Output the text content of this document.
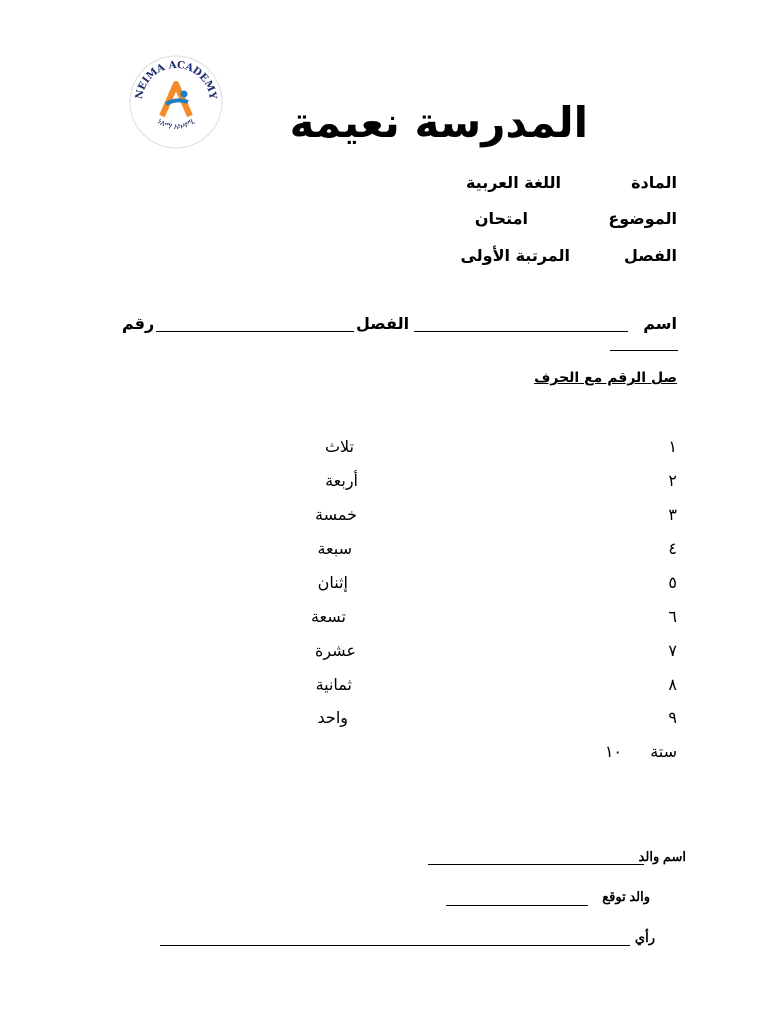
NEIMA ACADEMY
ነእማ አካዳሚ المدرسة نعيمة
المادة
اللغة العربية
الموضوع
امتحان
الفصل
المرتبة الأولى
اسم
الفصل
رقم
صل الرقم مع الحرف
١
٢
٣
٤
٥
٦
٧
٨
٩
تلاث
أربعة
خمسة
سبعة
إثنان
تسعة
عشرة
ثمانية
واحد
ستة
١٠
اسم والد
والد توقع
رأي
